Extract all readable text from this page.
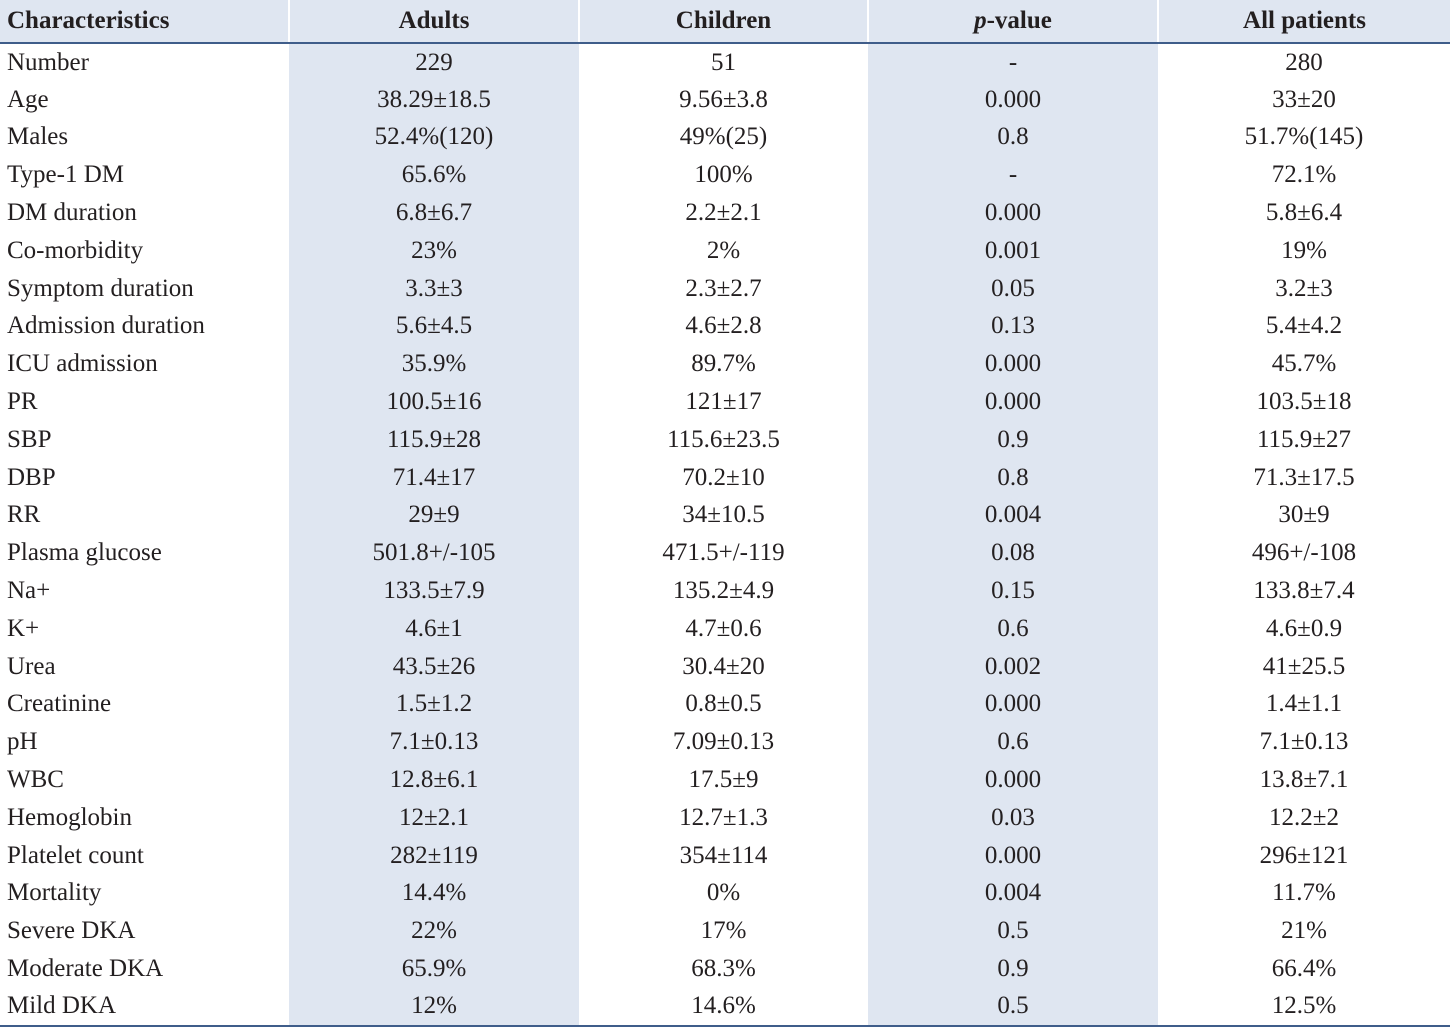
Characteristics	Adults	Children	p-value	All patients
Number	229	51	-	280
Age	38.29±18.5	9.56±3.8	0.000	33±20
Males	52.4%(120)	49%(25)	0.8	51.7%(145)
Type-1 DM	65.6%	100%	-	72.1%
DM duration	6.8±6.7	2.2±2.1	0.000	5.8±6.4
Co-morbidity	23%	2%	0.001	19%
Symptom duration	3.3±3	2.3±2.7	0.05	3.2±3
Admission duration	5.6±4.5	4.6±2.8	0.13	5.4±4.2
ICU admission	35.9%	89.7%	0.000	45.7%
PR	100.5±16	121±17	0.000	103.5±18
SBP	115.9±28	115.6±23.5	0.9	115.9±27
DBP	71.4±17	70.2±10	0.8	71.3±17.5
RR	29±9	34±10.5	0.004	30±9
Plasma glucose	501.8+/-105	471.5+/-119	0.08	496+/-108
Na+	133.5±7.9	135.2±4.9	0.15	133.8±7.4
K+	4.6±1	4.7±0.6	0.6	4.6±0.9
Urea	43.5±26	30.4±20	0.002	41±25.5
Creatinine	1.5±1.2	0.8±0.5	0.000	1.4±1.1
pH	7.1±0.13	7.09±0.13	0.6	7.1±0.13
WBC	12.8±6.1	17.5±9	0.000	13.8±7.1
Hemoglobin	12±2.1	12.7±1.3	0.03	12.2±2
Platelet count	282±119	354±114	0.000	296±121
Mortality	14.4%	0%	0.004	11.7%
Severe DKA	22%	17%	0.5	21%
Moderate DKA	65.9%	68.3%	0.9	66.4%
Mild DKA	12%	14.6%	0.5	12.5%
